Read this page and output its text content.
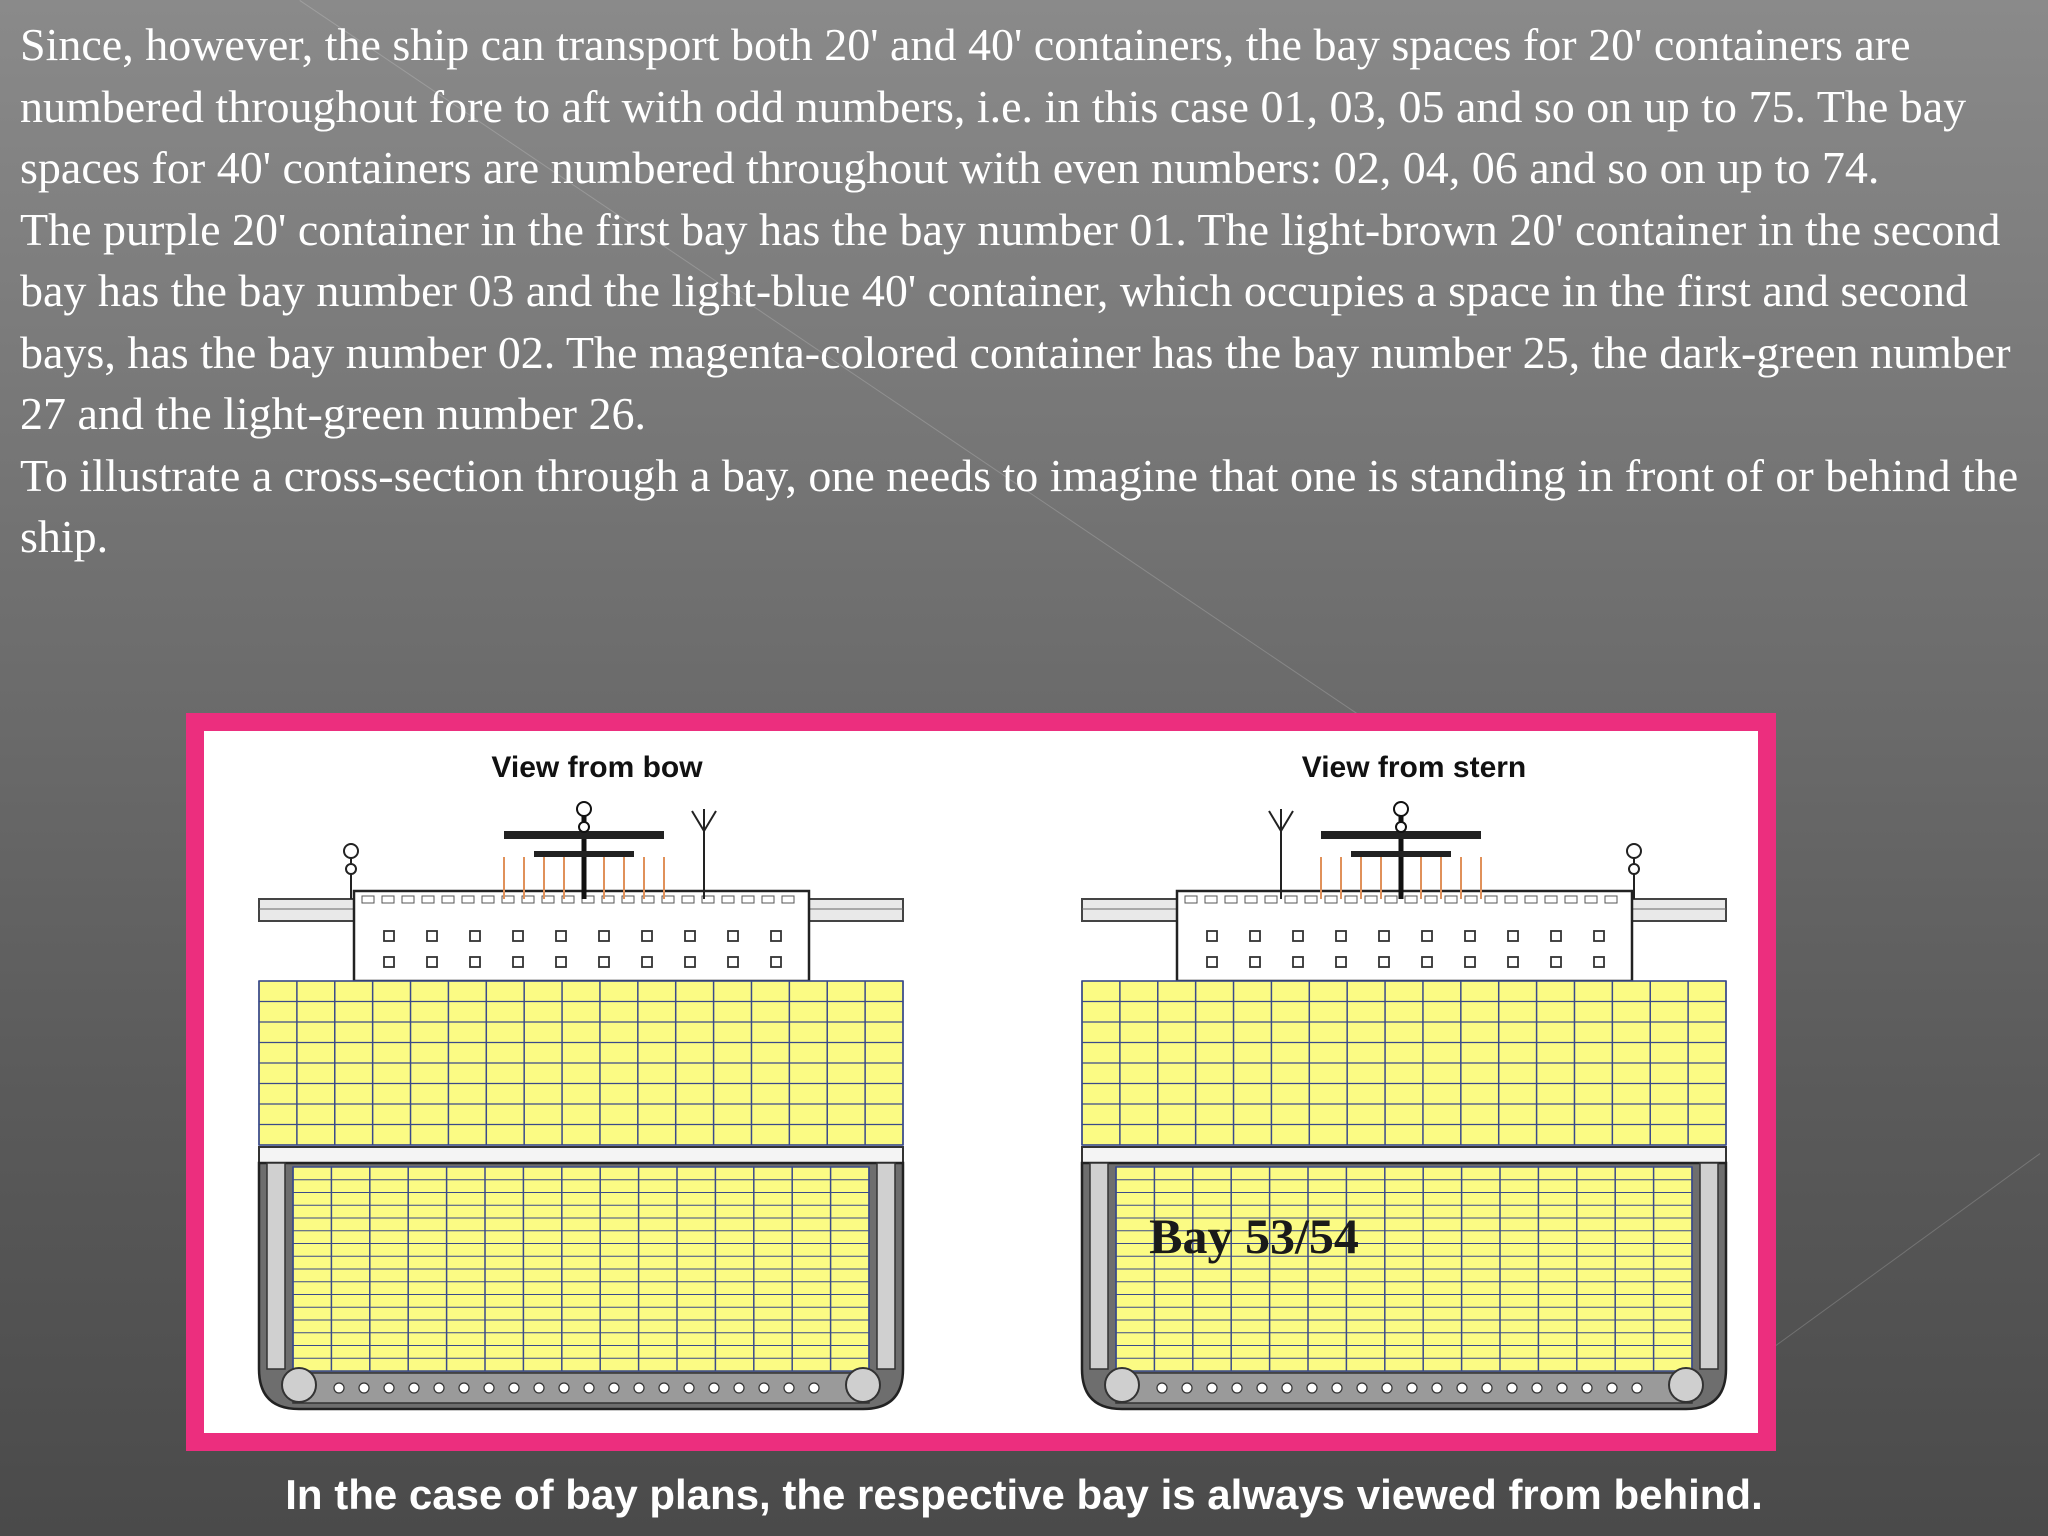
Since, however, the ship can transport both 20' and 40' containers, the bay spaces for 20' containers are numbered throughout fore to aft with odd numbers, i.e. in this case 01, 03, 05 and so on up to 75. The bay spaces for 40' containers are numbered throughout with even numbers: 02, 04, 06 and so on up to 74.

The purple 20' container in the first bay has the bay number 01. The light-brown 20' container in the second bay has the bay number 03 and the light-blue 40' container, which occupies a space in the first and second bays, has the bay number 02. The magenta-colored container has the bay number 25, the dark-green number 27 and the light-green number 26.

To illustrate a cross-section through a bay, one needs to imagine that one is standing in front of or behind the ship.

View from bow	View from stern
Bay 53/54
In the case of bay plans, the respective bay is always viewed from behind.
